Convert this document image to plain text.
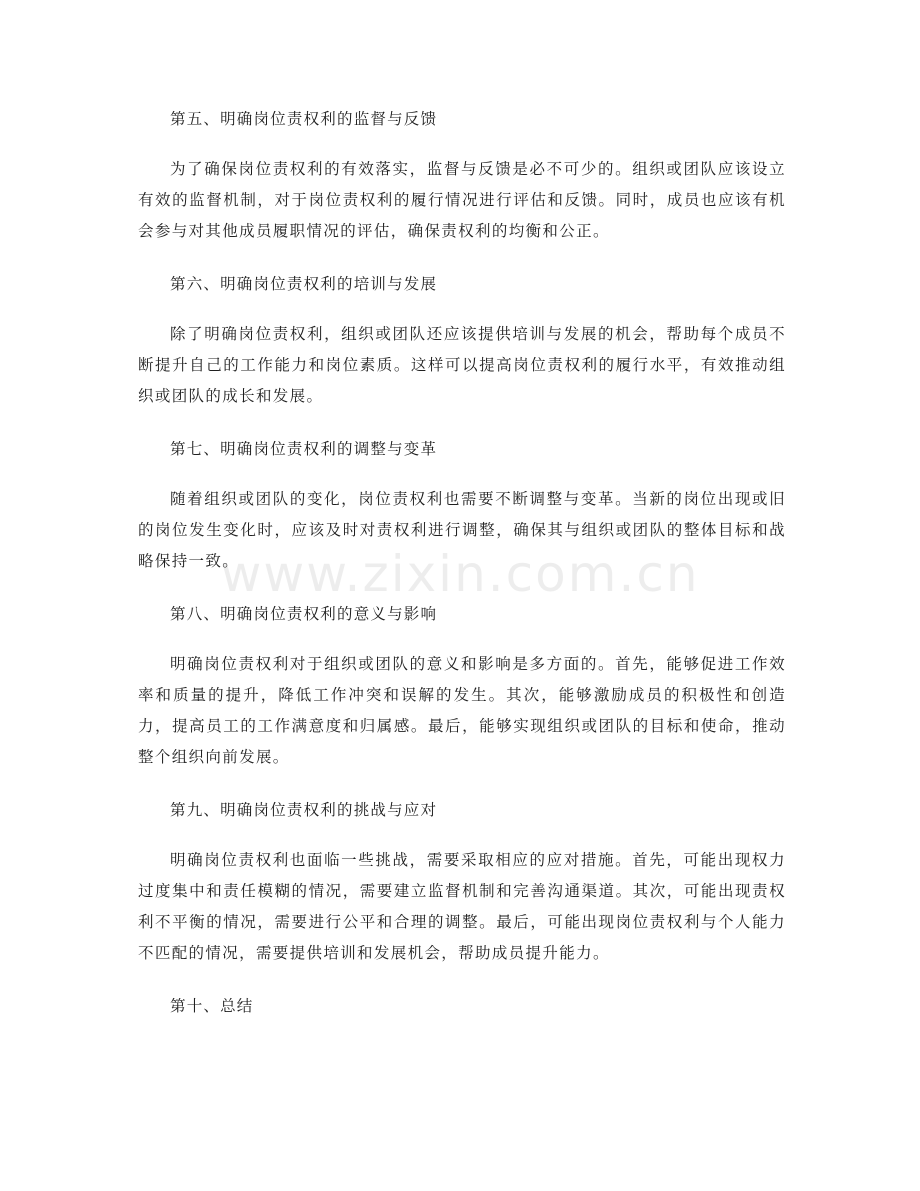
第五、明确岗位责权利的监督与反馈

为了确保岗位责权利的有效落实，监督与反馈是必不可少的。组织或团队应该设立有效的监督机制，对于岗位责权利的履行情况进行评估和反馈。同时，成员也应该有机会参与对其他成员履职情况的评估，确保责权利的均衡和公正。

第六、明确岗位责权利的培训与发展

除了明确岗位责权利，组织或团队还应该提供培训与发展的机会，帮助每个成员不断提升自己的工作能力和岗位素质。这样可以提高岗位责权利的履行水平，有效推动组织或团队的成长和发展。

第七、明确岗位责权利的调整与变革

随着组织或团队的变化，岗位责权利也需要不断调整与变革。当新的岗位出现或旧的岗位发生变化时，应该及时对责权利进行调整，确保其与组织或团队的整体目标和战略保持一致。

第八、明确岗位责权利的意义与影响

明确岗位责权利对于组织或团队的意义和影响是多方面的。首先，能够促进工作效率和质量的提升，降低工作冲突和误解的发生。其次，能够激励成员的积极性和创造力，提高员工的工作满意度和归属感。最后，能够实现组织或团队的目标和使命，推动整个组织向前发展。

第九、明确岗位责权利的挑战与应对

明确岗位责权利也面临一些挑战，需要采取相应的应对措施。首先，可能出现权力过度集中和责任模糊的情况，需要建立监督机制和完善沟通渠道。其次，可能出现责权利不平衡的情况，需要进行公平和合理的调整。最后，可能出现岗位责权利与个人能力不匹配的情况，需要提供培训和发展机会，帮助成员提升能力。

第十、总结

www.zixin.com.cn
